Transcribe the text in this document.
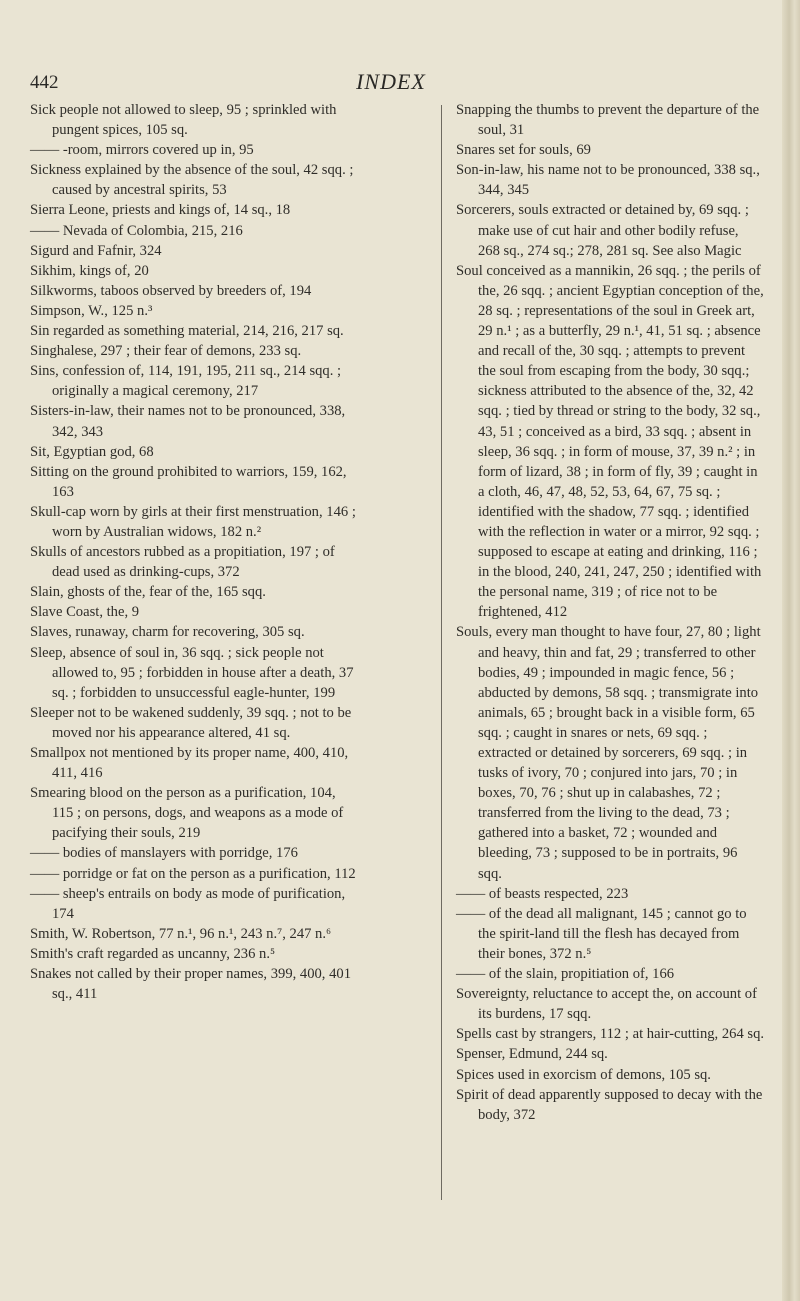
442	INDEX

Sick people not allowed to sleep, 95 ; sprinkled with pungent spices, 105 sq.

—— -room, mirrors covered up in, 95

Sickness explained by the absence of the soul, 42 sqq. ; caused by ancestral spirits, 53

Sierra Leone, priests and kings of, 14 sq., 18

—— Nevada of Colombia, 215, 216

Sigurd and Fafnir, 324

Sikhim, kings of, 20

Silkworms, taboos observed by breeders of, 194

Simpson, W., 125 n.³

Sin regarded as something material, 214, 216, 217 sq.

Singhalese, 297 ; their fear of demons, 233 sq.

Sins, confession of, 114, 191, 195, 211 sq., 214 sqq. ; originally a magical ceremony, 217

Sisters-in-law, their names not to be pronounced, 338, 342, 343

Sit, Egyptian god, 68

Sitting on the ground prohibited to warriors, 159, 162, 163

Skull-cap worn by girls at their first menstruation, 146 ; worn by Australian widows, 182 n.²

Skulls of ancestors rubbed as a propitiation, 197 ; of dead used as drinking-cups, 372

Slain, ghosts of the, fear of the, 165 sqq.

Slave Coast, the, 9

Slaves, runaway, charm for recovering, 305 sq.

Sleep, absence of soul in, 36 sqq. ; sick people not allowed to, 95 ; forbidden in house after a death, 37 sq. ; forbidden to unsuccessful eagle-hunter, 199

Sleeper not to be wakened suddenly, 39 sqq. ; not to be moved nor his appearance altered, 41 sq.

Smallpox not mentioned by its proper name, 400, 410, 411, 416

Smearing blood on the person as a purification, 104, 115 ; on persons, dogs, and weapons as a mode of pacifying their souls, 219

—— bodies of manslayers with porridge, 176

—— porridge or fat on the person as a purification, 112

—— sheep's entrails on body as mode of purification, 174

Smith, W. Robertson, 77 n.¹, 96 n.¹, 243 n.⁷, 247 n.⁶

Smith's craft regarded as uncanny, 236 n.⁵

Snakes not called by their proper names, 399, 400, 401 sq., 411

Snapping the thumbs to prevent the departure of the soul, 31

Snares set for souls, 69

Son-in-law, his name not to be pronounced, 338 sq., 344, 345

Sorcerers, souls extracted or detained by, 69 sqq. ; make use of cut hair and other bodily refuse, 268 sq., 274 sq.; 278, 281 sq. See also Magic

Soul conceived as a mannikin, 26 sqq. ; the perils of the, 26 sqq. ; ancient Egyptian conception of the, 28 sq. ; representations of the soul in Greek art, 29 n.¹ ; as a butterfly, 29 n.¹, 41, 51 sq. ; absence and recall of the, 30 sqq. ; attempts to prevent the soul from escaping from the body, 30 sqq.; sickness attributed to the absence of the, 32, 42 sqq. ; tied by thread or string to the body, 32 sq., 43, 51 ; conceived as a bird, 33 sqq. ; absent in sleep, 36 sqq. ; in form of mouse, 37, 39 n.² ; in form of lizard, 38 ; in form of fly, 39 ; caught in a cloth, 46, 47, 48, 52, 53, 64, 67, 75 sq. ; identified with the shadow, 77 sqq. ; identified with the reflection in water or a mirror, 92 sqq. ; supposed to escape at eating and drinking, 116 ; in the blood, 240, 241, 247, 250 ; identified with the personal name, 319 ; of rice not to be frightened, 412

Souls, every man thought to have four, 27, 80 ; light and heavy, thin and fat, 29 ; transferred to other bodies, 49 ; impounded in magic fence, 56 ; abducted by demons, 58 sqq. ; transmigrate into animals, 65 ; brought back in a visible form, 65 sqq. ; caught in snares or nets, 69 sqq. ; extracted or detained by sorcerers, 69 sqq. ; in tusks of ivory, 70 ; conjured into jars, 70 ; in boxes, 70, 76 ; shut up in calabashes, 72 ; transferred from the living to the dead, 73 ; gathered into a basket, 72 ; wounded and bleeding, 73 ; supposed to be in portraits, 96 sqq.

—— of beasts respected, 223

—— of the dead all malignant, 145 ; cannot go to the spirit-land till the flesh has decayed from their bones, 372 n.⁵

—— of the slain, propitiation of, 166

Sovereignty, reluctance to accept the, on account of its burdens, 17 sqq.

Spells cast by strangers, 112 ; at hair-cutting, 264 sq.

Spenser, Edmund, 244 sq.

Spices used in exorcism of demons, 105 sq.

Spirit of dead apparently supposed to decay with the body, 372
